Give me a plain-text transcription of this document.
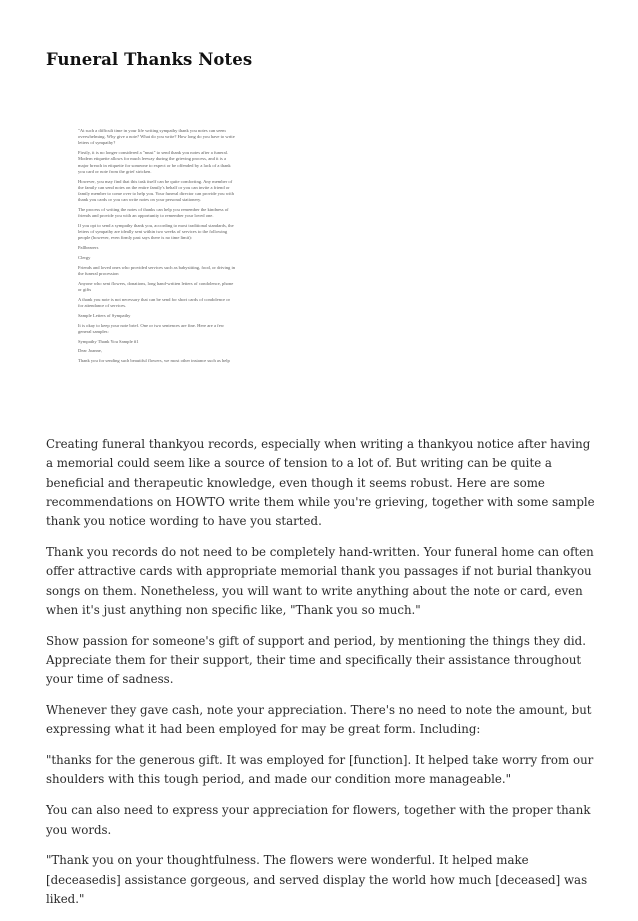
Funeral Thanks Notes

"At such a difficult time in your life writing sympathy thank you notes can seem
overwhelming. Why give a note? What do you write? How long do you have to write
letters of sympathy?

Firstly, it is no longer considered a "must" to send thank you notes after a funeral.
Modern etiquette allows for much leeway during the grieving process, and it is a
major breach in etiquette for someone to expect or be offended by a lack of a thank
you card or note from the grief stricken.

However, you may find that this task itself can be quite comforting. Any member of
the family can send notes on the entire family's behalf or you can invite a friend or
family member to come over to help you. Your funeral director can provide you with
thank you cards or you can write notes on your personal stationery.

The process of writing the notes of thanks can help you remember the kindness of
friends and provide you with an opportunity to remember your loved one.

If you opt to send a sympathy thank you, according to most traditional standards, the
letters of sympathy are ideally sent within two weeks of services to the following
people (however, even firmly past says there is no time limit):

Pallbearers

Clergy

Friends and loved ones who provided services such as babysitting, food, or driving in
the funeral procession

Anyone who sent flowers, donations, long hand-written letters of condolence, phone
or gifts

A thank you note is not necessary that can be send for short cards of condolence or
for attendance of services.

Sample Letters of Sympathy

It is okay to keep your note brief. One or two sentences are fine. Here are a few
general samples:

Sympathy Thank You Sample #1

Dear Joanne,

Thank you for sending such beautiful flowers, we most other instance such as help

Creating funeral thankyou records, especially when writing a thankyou notice after having a memorial could seem like a source of tension to a lot of. But writing can be quite a beneficial and therapeutic knowledge, even though it seems robust. Here are some recommendations on HOWTO write them while you're grieving, together with some sample thank you notice wording to have you started.

Thank you records do not need to be completely hand-written. Your funeral home can often offer attractive cards with appropriate memorial thank you passages if not burial thankyou songs on them. Nonetheless, you will want to write anything about the note or card, even when it's just anything non specific like, "Thank you so much."

Show passion for someone's gift of support and period, by mentioning the things they did. Appreciate them for their support, their time and specifically their assistance throughout your time of sadness.

Whenever they gave cash, note your appreciation. There's no need to note the amount, but expressing what it had been employed for may be great form. Including:

"thanks for the generous gift. It was employed for [function]. It helped take worry from our shoulders with this tough period, and made our condition more manageable."

You can also need to express your appreciation for flowers, together with the proper thank you words.

"Thank you on your thoughtfulness. The flowers were wonderful. It helped make [deceasedis] assistance gorgeous, and served display the world how much [deceased] was liked."
